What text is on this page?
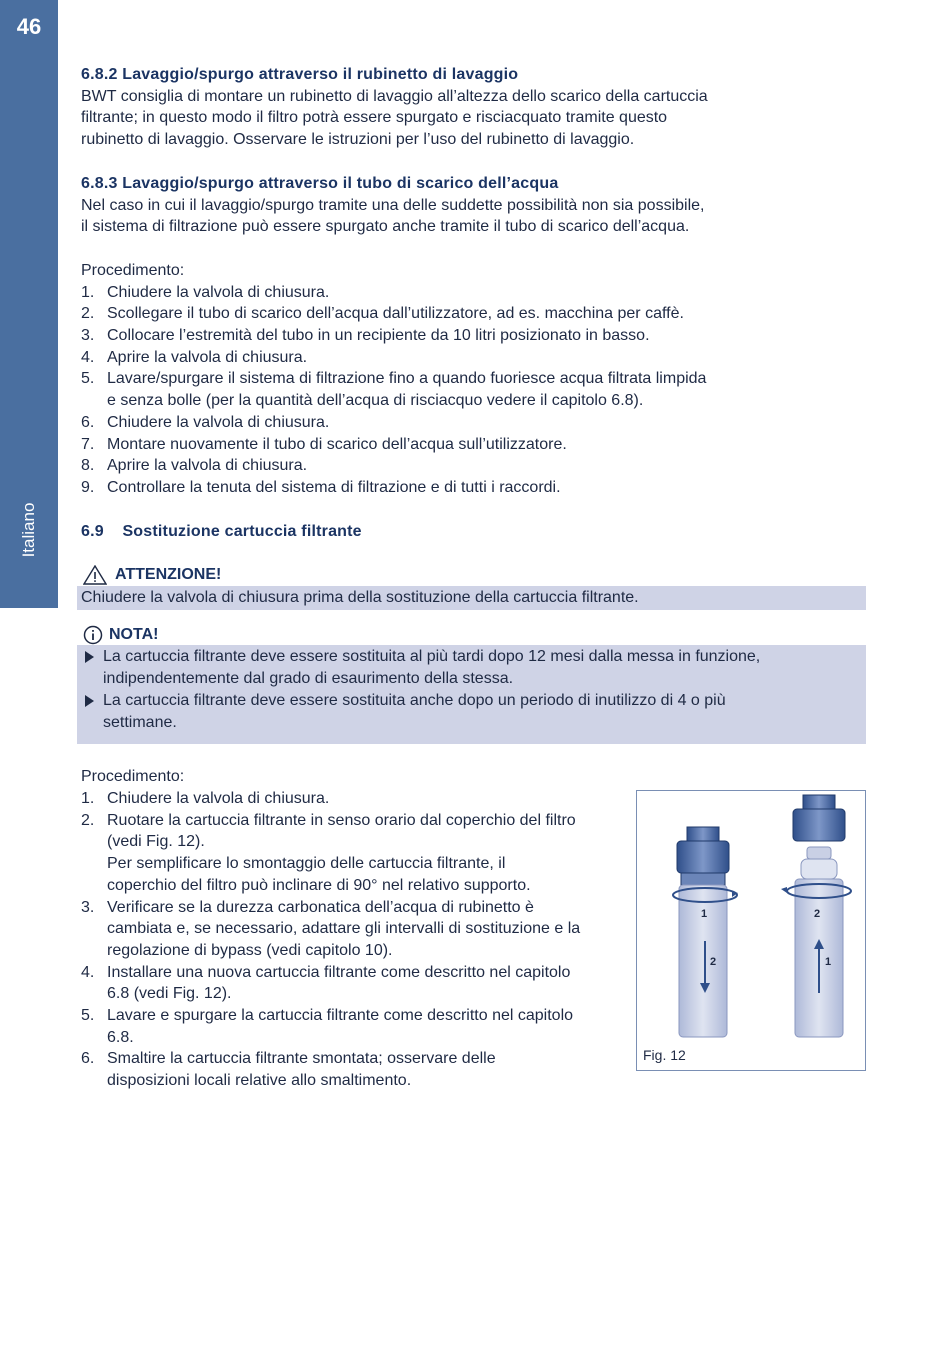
46
Italiano
6.8.2 Lavaggio/spurgo attraverso il rubinetto di lavaggio

BWT consiglia di montare un rubinetto di lavaggio all’altezza dello scarico della cartuccia

filtrante; in questo modo il filtro potrà essere spurgato e risciacquato tramite questo

rubinetto di lavaggio. Osservare le istruzioni per l’uso del rubinetto di lavaggio.

6.8.3 Lavaggio/spurgo attraverso il tubo di scarico dell’acqua

Nel caso in cui il lavaggio/spurgo tramite una delle suddette possibilità non sia possibile,

il sistema di filtrazione può essere spurgato anche tramite il tubo di scarico dell’acqua.

Procedimento:

1. Chiudere la valvola di chiusura.

2. Scollegare il tubo di scarico dell’acqua dall’utilizzatore, ad es. macchina per caffè.

3. Collocare l’estremità del tubo in un recipiente da 10 litri posizionato in basso.

4. Aprire la valvola di chiusura.

5. Lavare/spurgare il sistema di filtrazione fino a quando fuoriesce acqua filtrata limpida

e senza bolle (per la quantità dell’acqua di risciacquo vedere il capitolo 6.8).

6. Chiudere la valvola di chiusura.

7. Montare nuovamente il tubo di scarico dell’acqua sull’utilizzatore.

8. Aprire la valvola di chiusura.

9. Controllare la tenuta del sistema di filtrazione e di tutti i raccordi.

6.9 Sostituzione cartuccia filtrante
ATTENZIONE!

Chiudere la valvola di chiusura prima della sostituzione della cartuccia filtrante.

NOTA!

La cartuccia filtrante deve essere sostituita al più tardi dopo 12 mesi dalla messa in funzione,

indipendentemente dal grado di esaurimento della stessa.

La cartuccia filtrante deve essere sostituita anche dopo un periodo di inutilizzo di 4 o più

settimane.

Procedimento:

1. Chiudere la valvola di chiusura.

2. Ruotare la cartuccia filtrante in senso orario dal coperchio del filtro

(vedi Fig. 12).

Per semplificare lo smontaggio delle cartuccia filtrante, il

coperchio del filtro può inclinare di 90° nel relativo supporto.

3. Verificare se la durezza carbonatica dell’acqua di rubinetto è

cambiata e, se necessario, adattare gli intervalli di sostituzione e la

regolazione di bypass (vedi capitolo 10).

4. Installare una nuova cartuccia filtrante come descritto nel capitolo

6.8 (vedi Fig. 12).

5. Lavare e spurgare la cartuccia filtrante come descritto nel capitolo

6.8.

6. Smaltire la cartuccia filtrante smontata; osservare delle

disposizioni locali relative allo smaltimento.

1
2
2
1
Fig. 12
